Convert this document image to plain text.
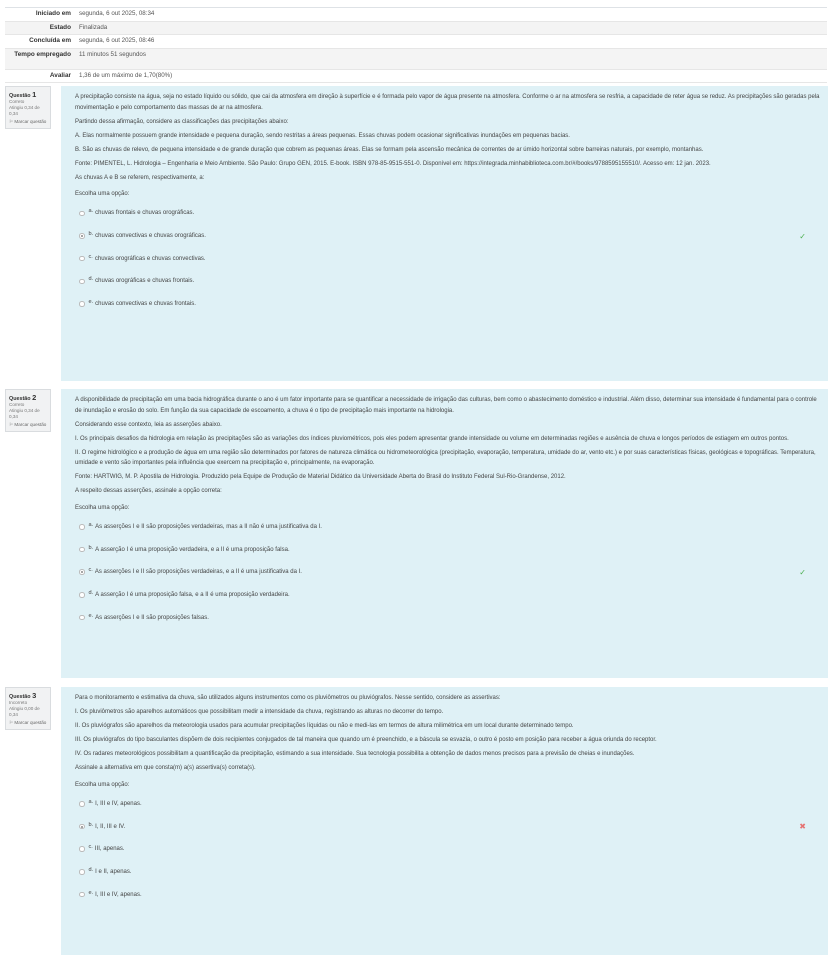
Iniciado em	segunda, 6 out 2025, 08:34
Estado	Finalizada
Concluída em	segunda, 6 out 2025, 08:46
Tempo empregado	11 minutos 51 segundos
Avaliar	1,36 de um máximo de 1,70(80%)
Questão 1
Correto
Atingiu 0,34 de 0,34
⚐ Marcar questão

A precipitação consiste na água, seja no estado líquido ou sólido, que cai da atmosfera em direção à superfície e é formada pelo vapor de água presente na atmosfera. Conforme o ar na atmosfera se resfria, a capacidade de reter água se reduz. As precipitações são geradas pela movimentação e pelo comportamento das massas de ar na atmosfera.

Partindo dessa afirmação, considere as classificações das precipitações abaixo:

A. Elas normalmente possuem grande intensidade e pequena duração, sendo restritas a áreas pequenas. Essas chuvas podem ocasionar significativas inundações em pequenas bacias.

B. São as chuvas de relevo, de pequena intensidade e de grande duração que cobrem as pequenas áreas. Elas se formam pela ascensão mecânica de correntes de ar úmido horizontal sobre barreiras naturais, por exemplo, montanhas.

Fonte: PIMENTEL, L. Hidrologia – Engenharia e Meio Ambiente. São Paulo: Grupo GEN, 2015. E-book. ISBN 978-85-9515-551-0. Disponível em: https://integrada.minhabiblioteca.com.br/#/books/9788595155510/. Acesso em: 12 jan. 2023.

As chuvas A e B se referem, respectivamente, a:

Escolha uma opção:

a. chuvas frontais e chuvas orográficas.
b. chuvas convectivas e chuvas orográficas.	✓
c. chuvas orográficas e chuvas convectivas.
d. chuvas orográficas e chuvas frontais.
e. chuvas convectivas e chuvas frontais.
Questão 2
Correto
Atingiu 0,34 de 0,34
⚐ Marcar questão

A disponibilidade de precipitação em uma bacia hidrográfica durante o ano é um fator importante para se quantificar a necessidade de irrigação das culturas, bem como o abastecimento doméstico e industrial. Além disso, determinar sua intensidade é fundamental para o controle de inundação e erosão do solo. Em função da sua capacidade de escoamento, a chuva é o tipo de precipitação mais importante na hidrologia.

Considerando esse contexto, leia as asserções abaixo.

I. Os principais desafios da hidrologia em relação às precipitações são as variações dos índices pluviométricos, pois eles podem apresentar grande intensidade ou volume em determinadas regiões e ausência de chuva e longos períodos de estiagem em outros pontos.

II. O regime hidrológico e a produção de água em uma região são determinados por fatores de natureza climática ou hidrometeorológica (precipitação, evaporação, temperatura, umidade do ar, vento etc.) e por suas características físicas, geológicas e topográficas. Temperatura, umidade e vento são importantes pela influência que exercem na precipitação e, principalmente, na evaporação.

Fonte: HARTWIG, M. P. Apostila de Hidrologia. Produzido pela Equipe de Produção de Material Didático da Universidade Aberta do Brasil do Instituto Federal Sul-Rio-Grandense, 2012.

A respeito dessas asserções, assinale a opção correta:

Escolha uma opção:

a. As asserções I e II são proposições verdadeiras, mas a II não é uma justificativa da I.
b. A asserção I é uma proposição verdadeira, e a II é uma proposição falsa.
c. As asserções I e II são proposições verdadeiras, e a II é uma justificativa da I.	✓
d. A asserção I é uma proposição falsa, e a II é uma proposição verdadeira.
e. As asserções I e II são proposições falsas.
Questão 3
Incorreto
Atingiu 0,00 de 0,34
⚐ Marcar questão

Para o monitoramento e estimativa da chuva, são utilizados alguns instrumentos como os pluviômetros ou pluviógrafos. Nesse sentido, considere as assertivas:

I. Os pluviômetros são aparelhos automáticos que possibilitam medir a intensidade da chuva, registrando as alturas no decorrer do tempo.

II. Os pluviógrafos são aparelhos da meteorologia usados para acumular precipitações líquidas ou não e medi-las em termos de altura milimétrica em um local durante determinado tempo.

III. Os pluviógrafos do tipo basculantes dispõem de dois recipientes conjugados de tal maneira que quando um é preenchido, e a báscula se esvazia, o outro é posto em posição para receber a água oriunda do receptor.

IV. Os radares meteorológicos possibilitam a quantificação da precipitação, estimando a sua intensidade. Sua tecnologia possibilita a obtenção de dados menos precisos para a previsão de cheias e inundações.

Assinale a alternativa em que consta(m) a(s) assertiva(s) correta(s).

Escolha uma opção:

a. I, III e IV, apenas.
b. I, II, III e IV.	✖
c. III, apenas.
d. I e II, apenas.
e. I, III e IV, apenas.
